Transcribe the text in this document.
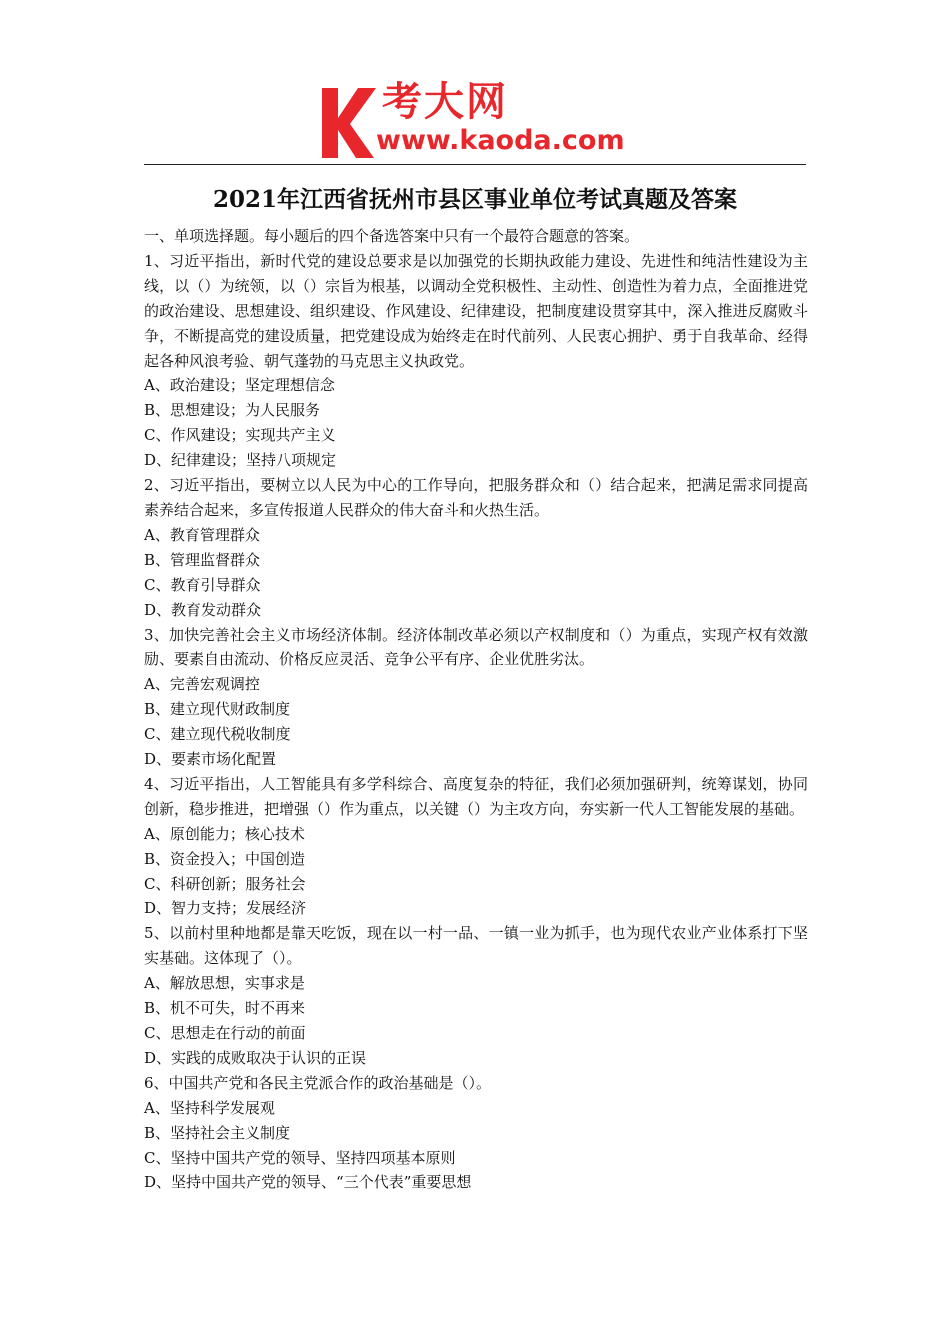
考大网
www.kaoda.com
2021年江西省抚州市县区事业单位考试真题及答案

一、单项选择题。每小题后的四个备选答案中只有一个最符合题意的答案。

1、习近平指出，新时代党的建设总要求是以加强党的长期执政能力建设、先进性和纯洁性建设为主线，以（）为统领，以（）宗旨为根基，以调动全党积极性、主动性、创造性为着力点，全面推进党的政治建设、思想建设、组织建设、作风建设、纪律建设，把制度建设贯穿其中，深入推进反腐败斗争，不断提高党的建设质量，把党建设成为始终走在时代前列、人民衷心拥护、勇于自我革命、经得起各种风浪考验、朝气蓬勃的马克思主义执政党。

A、政治建设；坚定理想信念

B、思想建设；为人民服务

C、作风建设；实现共产主义

D、纪律建设；坚持八项规定

2、习近平指出，要树立以人民为中心的工作导向，把服务群众和（）结合起来，把满足需求同提高素养结合起来，多宣传报道人民群众的伟大奋斗和火热生活。

A、教育管理群众

B、管理监督群众

C、教育引导群众

D、教育发动群众

3、加快完善社会主义市场经济体制。经济体制改革必须以产权制度和（）为重点，实现产权有效激励、要素自由流动、价格反应灵活、竞争公平有序、企业优胜劣汰。

A、完善宏观调控

B、建立现代财政制度

C、建立现代税收制度

D、要素市场化配置

4、习近平指出，人工智能具有多学科综合、高度复杂的特征，我们必须加强研判，统筹谋划，协同创新，稳步推进，把增强（）作为重点，以关键（）为主攻方向，夯实新一代人工智能发展的基础。

A、原创能力；核心技术

B、资金投入；中国创造

C、科研创新；服务社会

D、智力支持；发展经济

5、以前村里种地都是靠天吃饭，现在以一村一品、一镇一业为抓手，也为现代农业产业体系打下坚实基础。这体现了（）。

A、解放思想，实事求是

B、机不可失，时不再来

C、思想走在行动的前面

D、实践的成败取决于认识的正误

6、中国共产党和各民主党派合作的政治基础是（）。

A、坚持科学发展观

B、坚持社会主义制度

C、坚持中国共产党的领导、坚持四项基本原则

D、坚持中国共产党的领导、“三个代表”重要思想
